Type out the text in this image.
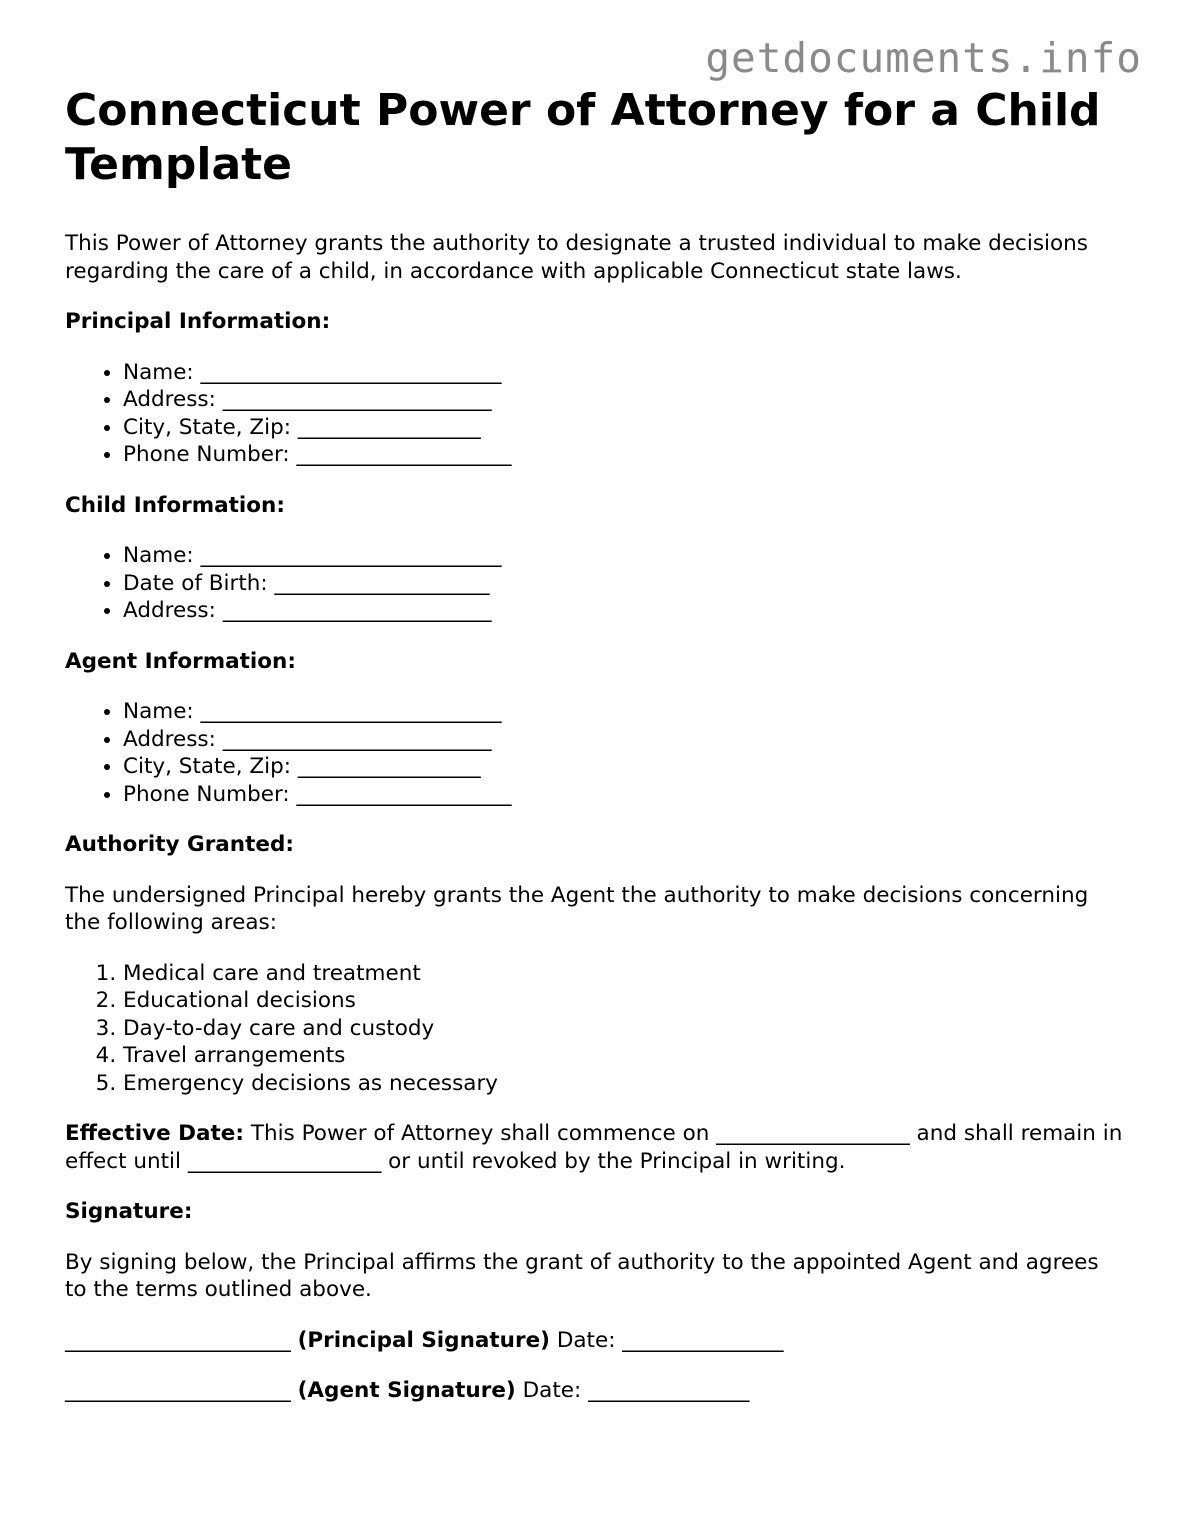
getdocuments.info
Connecticut Power of Attorney for a Child Template

This Power of Attorney grants the authority to designate a trusted individual to make decisions regarding the care of a child, in accordance with applicable Connecticut state laws.

Principal Information:
• Name: ____________________________
• Address: _________________________
• City, State, Zip: _________________
• Phone Number: ____________________
Child Information:
• Name: ____________________________
• Date of Birth: ____________________
• Address: _________________________
Agent Information:
• Name: ____________________________
• Address: _________________________
• City, State, Zip: _________________
• Phone Number: ____________________
Authority Granted:

The undersigned Principal hereby grants the Agent the authority to make decisions concerning the following areas:

1. Medical care and treatment
2. Educational decisions
3. Day-to-day care and custody
4. Travel arrangements
5. Emergency decisions as necessary

Effective Date: This Power of Attorney shall commence on __________________ and shall remain in effect until __________________ or until revoked by the Principal in writing.

Signature:

By signing below, the Principal affirms the grant of authority to the appointed Agent and agrees to the terms outlined above.

_____________________ (Principal Signature) Date: _______________
_____________________ (Agent Signature) Date: _______________
